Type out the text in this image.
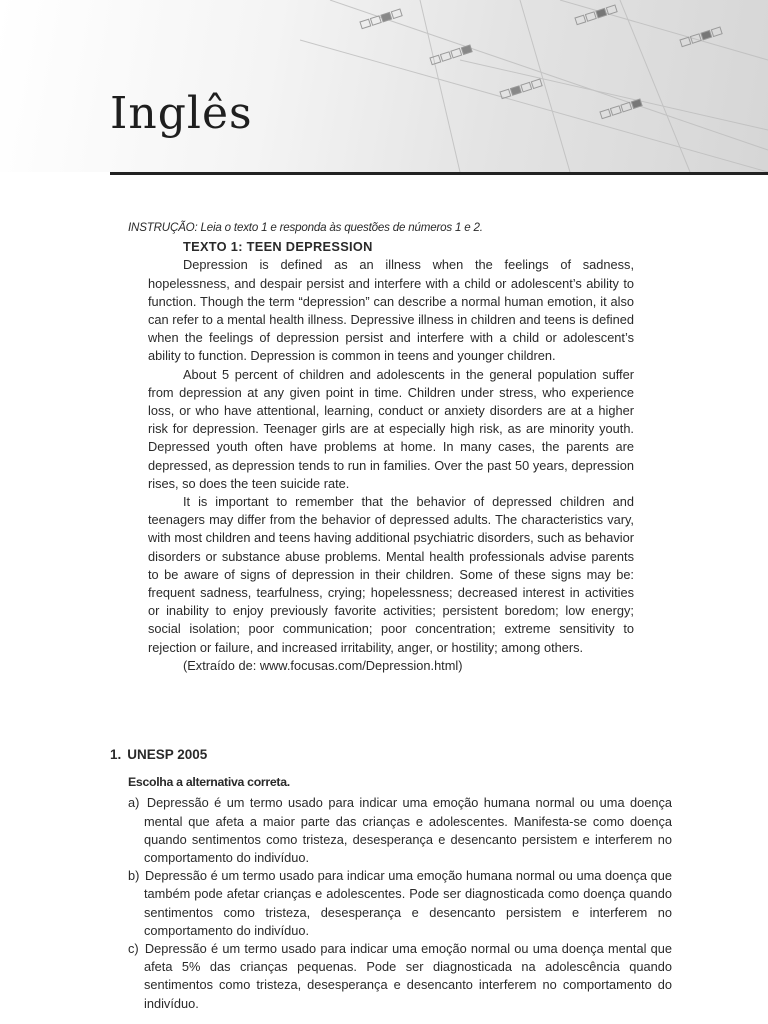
Inglês
INSTRUÇÃO: Leia o texto 1 e responda às questões de números 1 e 2.
TEXTO 1: TEEN DEPRESSION

Depression is defined as an illness when the feelings of sadness, hopelessness, and despair persist and interfere with a child or adolescent’s ability to function. Though the term “depression” can describe a normal human emotion, it also can refer to a mental health illness. Depressive illness in children and teens is defined when the feelings of depression persist and interfere with a child or adolescent’s ability to function. Depression is common in teens and younger children.

About 5 percent of children and adolescents in the general population suffer from depression at any given point in time. Children under stress, who experience loss, or who have attentional, learning, conduct or anxiety disorders are at a higher risk for depression. Teenager girls are at especially high risk, as are minority youth. Depressed youth often have problems at home. In many cases, the parents are depressed, as depression tends to run in families. Over the past 50 years, depression rises, so does the teen suicide rate.

It is important to remember that the behavior of depressed children and teenagers may differ from the behavior of depressed adults. The characteristics vary, with most children and teens having additional psychiatric disorders, such as behavior disorders or substance abuse problems. Mental health professionals advise parents to be aware of signs of depression in their children. Some of these signs may be: frequent sadness, tearfulness, crying; hopelessness; decreased interest in activities or inability to enjoy previously favorite activities; persistent boredom; low energy; social isolation; poor communication; poor concentration; extreme sensitivity to rejection or failure, and increased irritability, anger, or hostility; among others.

(Extraído de: www.focusas.com/Depression.html)

1. UNESP 2005
Escolha a alternativa correta.
a) Depressão é um termo usado para indicar uma emoção humana normal ou uma doença mental que afeta a maior parte das crianças e adolescentes. Manifesta-se como doença quando sentimentos como tristeza, desesperança e desencanto persistem e interferem no comportamento do indivíduo.
b) Depressão é um termo usado para indicar uma emoção humana normal ou uma doença que também pode afetar crianças e adolescentes. Pode ser diagnosticada como doença quando sentimentos como tristeza, desesperança e desencanto persistem e interferem no comportamento do indivíduo.
c) Depressão é um termo usado para indicar uma emoção normal ou uma doença mental que afeta 5% das crianças pequenas. Pode ser diagnosticada na adolescência quando sentimentos como tristeza, desesperança e desencanto interferem no comportamento do indivíduo.
